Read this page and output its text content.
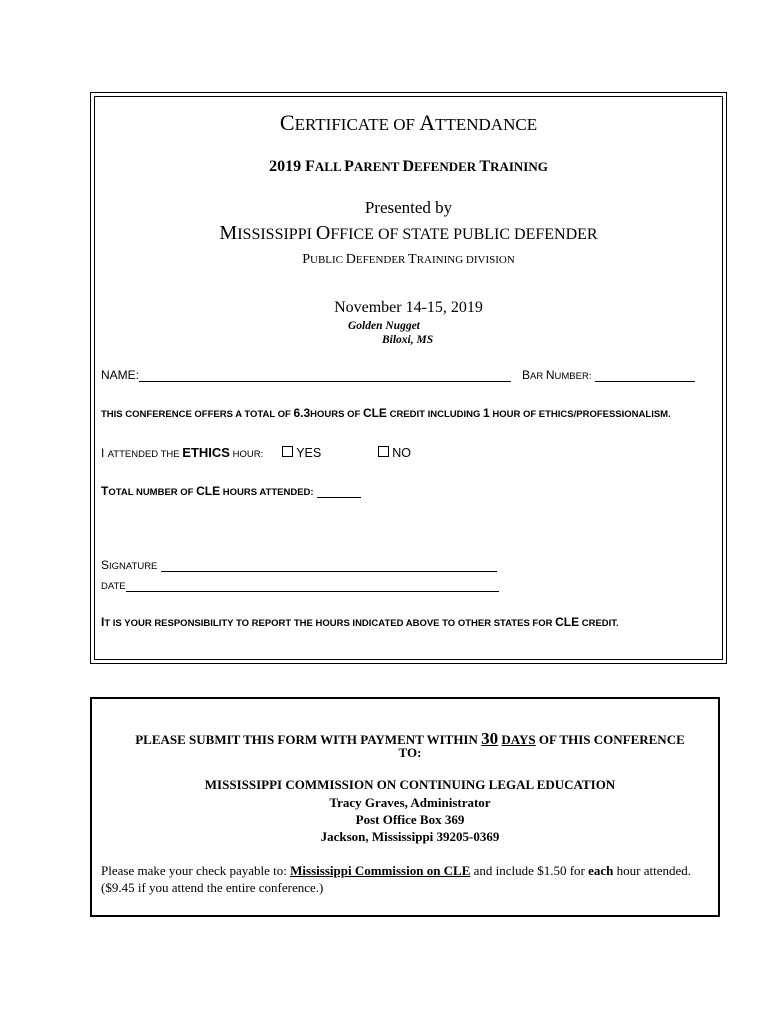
CERTIFICATE OF ATTENDANCE
2019 FALL PARENT DEFENDER TRAINING
Presented by
MISSISSIPPI OFFICE OF STATE PUBLIC DEFENDER
PUBLIC DEFENDER TRAINING DIVISION
November 14-15, 2019
Golden Nugget
Biloxi, MS
NAME:	BAR NUMBER:
THIS CONFERENCE OFFERS A TOTAL OF 6.3HOURS OF CLE CREDIT INCLUDING 1 HOUR OF ETHICS/PROFESSIONALISM.
I ATTENDED THE ETHICS HOUR:	YES	NO
TOTAL NUMBER OF CLE HOURS ATTENDED:
SIGNATURE
DATE
IT IS YOUR RESPONSIBILITY TO REPORT THE HOURS INDICATED ABOVE TO OTHER STATES FOR CLE CREDIT.
PLEASE SUBMIT THIS FORM WITH PAYMENT WITHIN 30 DAYS OF THIS CONFERENCE
TO:
MISSISSIPPI COMMISSION ON CONTINUING LEGAL EDUCATION
Tracy Graves, Administrator
Post Office Box 369
Jackson, Mississippi 39205-0369
Please make your check payable to: Mississippi Commission on CLE and include $1.50 for each hour attended. ($9.45 if you attend the entire conference.)
